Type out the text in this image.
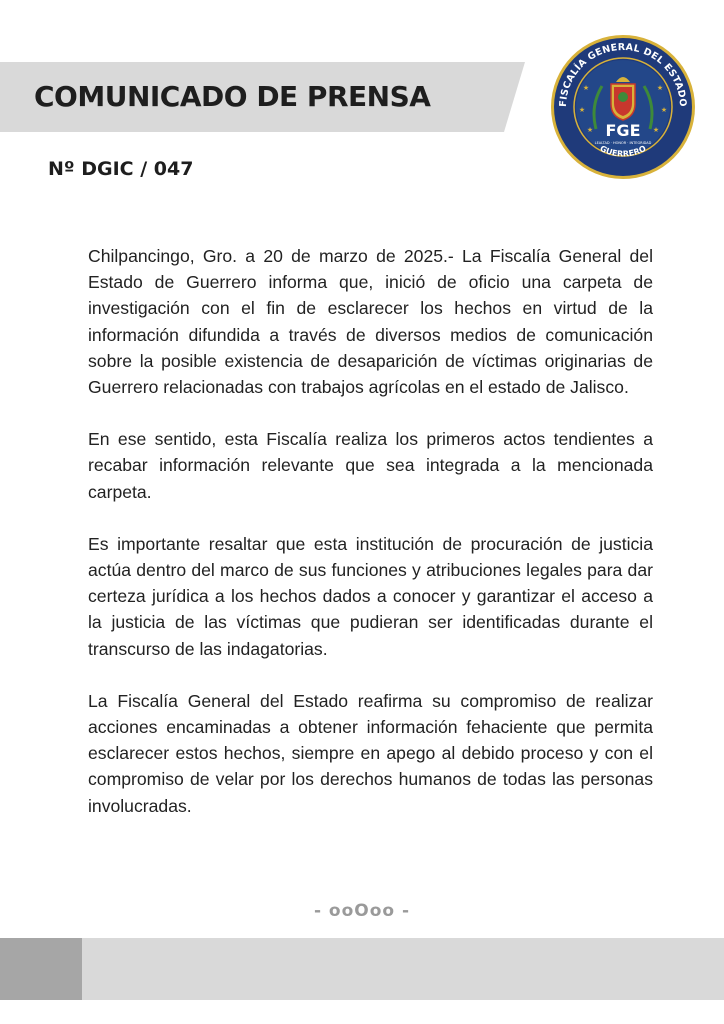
COMUNICADO DE PRENSA
Nº DGIC / 047
FISCALÍA GENERAL DEL ESTADO
GUERRERO
★	★
★	★
★	★
FGE
LEALTAD · HONOR · INTEGRIDAD

Chilpancingo, Gro. a 20 de marzo de 2025.- La Fiscalía General del Estado de Guerrero informa que, inició de oficio una carpeta de investigación con el fin de esclarecer los hechos en virtud de la información difundida a través de diversos medios de comunicación sobre la posible existencia de desaparición de víctimas originarias de Guerrero relacionadas con trabajos agrícolas en el estado de Jalisco.

En ese sentido, esta Fiscalía realiza los primeros actos tendientes a recabar información relevante que sea integrada a la mencionada carpeta.

Es importante resaltar que esta institución de procuración de justicia actúa dentro del marco de sus funciones y atribuciones legales para dar certeza jurídica a los hechos dados a conocer y garantizar el acceso a la justicia de las víctimas que pudieran ser identificadas durante el transcurso de las indagatorias.

La Fiscalía General del Estado reafirma su compromiso de realizar acciones encaminadas a obtener información fehaciente que permita esclarecer estos hechos, siempre en apego al debido proceso y con el compromiso de velar por los derechos humanos de todas las personas involucradas.

- ooOoo -
